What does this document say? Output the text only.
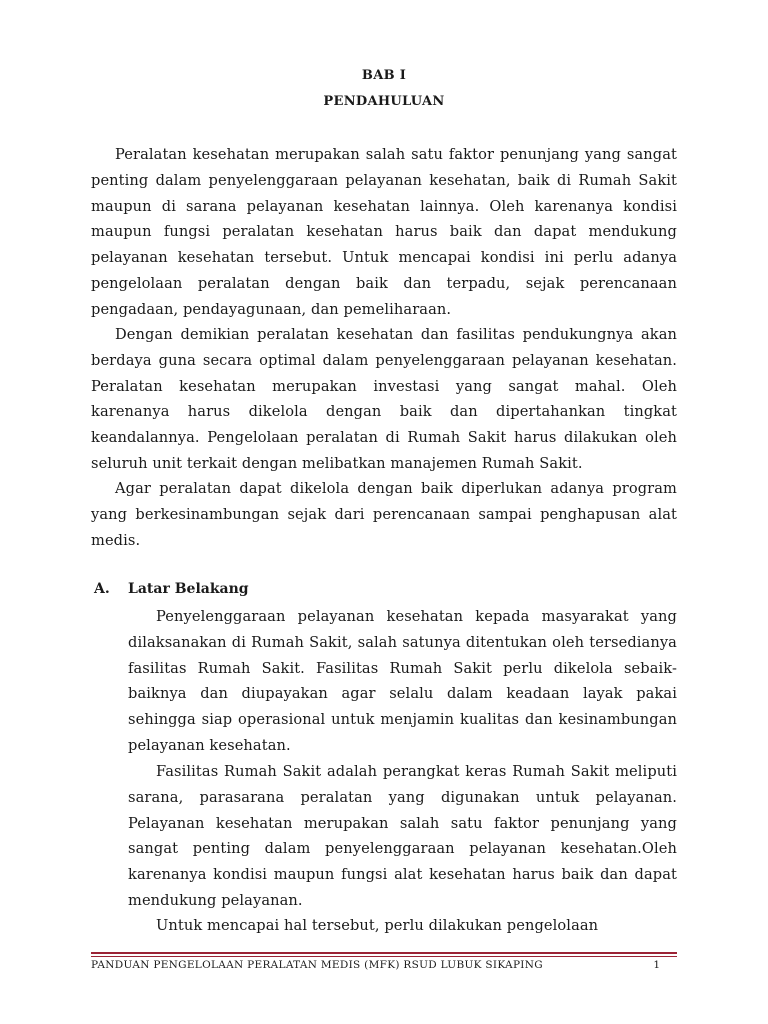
BAB I
PENDAHULUAN

Peralatan kesehatan merupakan salah satu faktor penunjang yang sangat penting dalam penyelenggaraan pelayanan kesehatan, baik di Rumah Sakit maupun di sarana pelayanan kesehatan lainnya. Oleh karenanya kondisi maupun fungsi peralatan kesehatan harus baik dan dapat mendukung pelayanan kesehatan tersebut. Untuk mencapai kondisi ini perlu adanya pengelolaan peralatan dengan baik dan terpadu, sejak perencanaan pengadaan, pendayagunaan, dan pemeliharaan.

Dengan demikian peralatan kesehatan dan fasilitas pendukungnya akan berdaya guna secara optimal dalam penyelenggaraan pelayanan kesehatan. Peralatan kesehatan merupakan investasi yang sangat mahal. Oleh karenanya harus dikelola dengan baik dan dipertahankan tingkat keandalannya. Pengelolaan peralatan di Rumah Sakit harus dilakukan oleh seluruh unit terkait dengan melibatkan manajemen Rumah Sakit.

Agar peralatan dapat dikelola dengan baik diperlukan adanya program yang berkesinambungan sejak dari perencanaan sampai penghapusan alat medis.

A. Latar Belakang

Penyelenggaraan pelayanan kesehatan kepada masyarakat yang dilaksanakan di Rumah Sakit, salah satunya ditentukan oleh tersedianya fasilitas Rumah Sakit. Fasilitas Rumah Sakit perlu dikelola sebaik-baiknya dan diupayakan agar selalu dalam keadaan layak pakai sehingga siap operasional untuk menjamin kualitas dan kesinambungan pelayanan kesehatan.

Fasilitas Rumah Sakit adalah perangkat keras Rumah Sakit meliputi sarana, parasarana peralatan yang digunakan untuk pelayanan. Pelayanan kesehatan merupakan salah satu faktor penunjang yang sangat penting dalam penyelenggaraan pelayanan kesehatan.Oleh karenanya kondisi maupun fungsi alat kesehatan harus baik dan dapat mendukung pelayanan.

Untuk mencapai hal tersebut, perlu dilakukan pengelolaan

PANDUAN PENGELOLAAN PERALATAN MEDIS (MFK) RSUD LUBUK SIKAPING	1
